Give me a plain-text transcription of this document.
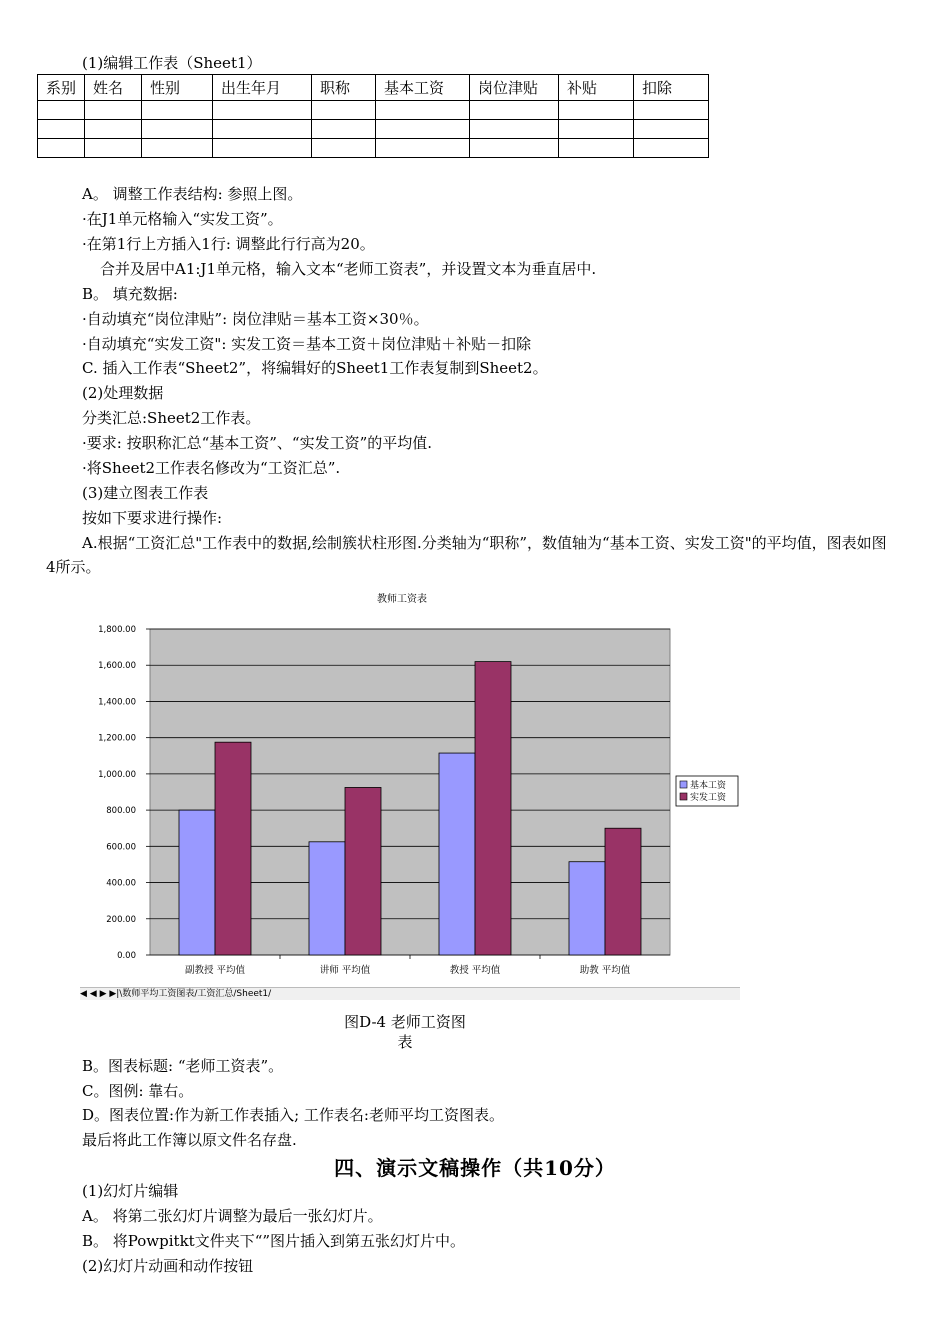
(1)编辑工作表（Sheet1）
系别	姓名	性别	出生年月	职称	基本工资	岗位津贴	补贴	扣除

A。 调整工作表结构: 参照上图。
·在J1单元格输入“实发工资”。
·在第1行上方插入1行: 调整此行行高为20。
合并及居中A1:J1单元格，输入文本“老师工资表”，并设置文本为垂直居中.
B。 填充数据:
·自动填充“岗位津贴”: 岗位津贴＝基本工资×30％。
·自动填充“实发工资": 实发工资＝基本工资＋岗位津贴＋补贴－扣除
C. 插入工作表“Sheet2”，将编辑好的Sheet1工作表复制到Sheet2。
(2)处理数据
分类汇总:Sheet2工作表。
·要求: 按职称汇总“基本工资”、“实发工资”的平均值.
·将Sheet2工作表名修改为“工资汇总”.
(3)建立图表工作表
按如下要求进行操作:
A.根据“工资汇总"工作表中的数据,绘制簇状柱形图.分类轴为“职称”，数值轴为“基本工资、实发工资"的平均值，图表如图4所示。
教师工资表
0.00
200.00
400.00
600.00
800.00
1,000.00
1,200.00
1,400.00
1,600.00
1,800.00
副教授 平均值	讲师 平均值	教授 平均值	助教 平均值
基本工资
实发工资
◀ ◀ ▶ ▶|\数师平均工资图表/工资汇总/Sheet1/
图D-4 老师工资图
表
B。图表标题: “老师工资表”。
C。图例: 靠右。
D。图表位置:作为新工作表插入; 工作表名:老师平均工资图表。
最后将此工作簿以原文件名存盘.
四、演示文稿操作（共10分）
(1)幻灯片编辑
A。 将第二张幻灯片调整为最后一张幻灯片。
B。 将Powpitkt文件夹下“”图片插入到第五张幻灯片中。
(2)幻灯片动画和动作按钮
